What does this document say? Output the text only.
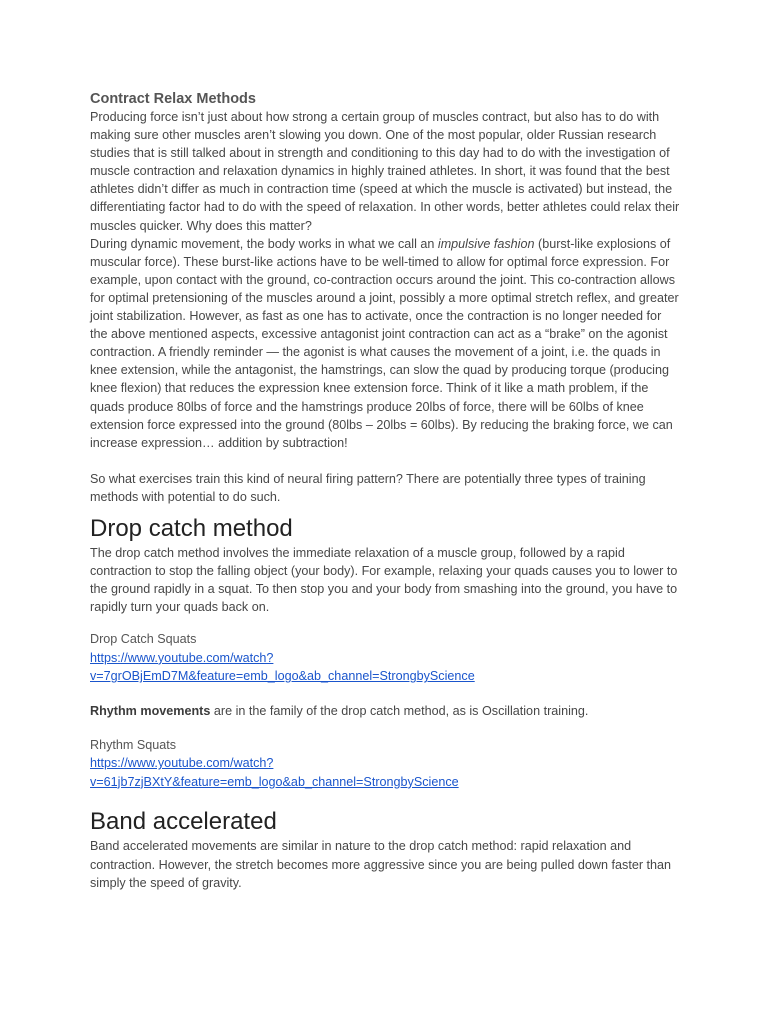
Contract Relax Methods

Producing force isn’t just about how strong a certain group of muscles contract, but also has to do with making sure other muscles aren’t slowing you down. One of the most popular, older Russian research studies that is still talked about in strength and conditioning to this day had to do with the investigation of muscle contraction and relaxation dynamics in highly trained athletes. In short, it was found that the best athletes didn’t differ as much in contraction time (speed at which the muscle is activated) but instead, the differentiating factor had to do with the speed of relaxation. In other words, better athletes could relax their muscles quicker. Why does this matter?

During dynamic movement, the body works in what we call an impulsive fashion (burst-like explosions of muscular force). These burst-like actions have to be well-timed to allow for optimal force expression. For example, upon contact with the ground, co-contraction occurs around the joint. This co-contraction allows for optimal pretensioning of the muscles around a joint, possibly a more optimal stretch reflex, and greater joint stabilization. However, as fast as one has to activate, once the contraction is no longer needed for the above mentioned aspects, excessive antagonist joint contraction can act as a “brake” on the agonist contraction. A friendly reminder — the agonist is what causes the movement of a joint, i.e. the quads in knee extension, while the antagonist, the hamstrings, can slow the quad by producing torque (producing knee flexion) that reduces the expression knee extension force. Think of it like a math problem, if the quads produce 80lbs of force and the hamstrings produce 20lbs of force, there will be 60lbs of knee extension force expressed into the ground (80lbs – 20lbs = 60lbs). By reducing the braking force, we can increase expression… addition by subtraction!

So what exercises train this kind of neural firing pattern? There are potentially three types of training methods with potential to do such.

Drop catch method

The drop catch method involves the immediate relaxation of a muscle group, followed by a rapid contraction to stop the falling object (your body). For example, relaxing your quads causes you to lower to the ground rapidly in a squat. To then stop you and your body from smashing into the ground, you have to rapidly turn your quads back on.

Drop Catch Squats
https://www.youtube.com/watch?
v=7grOBjEmD7M&feature=emb_logo&ab_channel=StrongbyScience

Rhythm movements are in the family of the drop catch method, as is Oscillation training.

Rhythm Squats
https://www.youtube.com/watch?
v=61jb7zjBXtY&feature=emb_logo&ab_channel=StrongbyScience
Band accelerated

Band accelerated movements are similar in nature to the drop catch method: rapid relaxation and contraction. However, the stretch becomes more aggressive since you are being pulled down faster than simply the speed of gravity.
